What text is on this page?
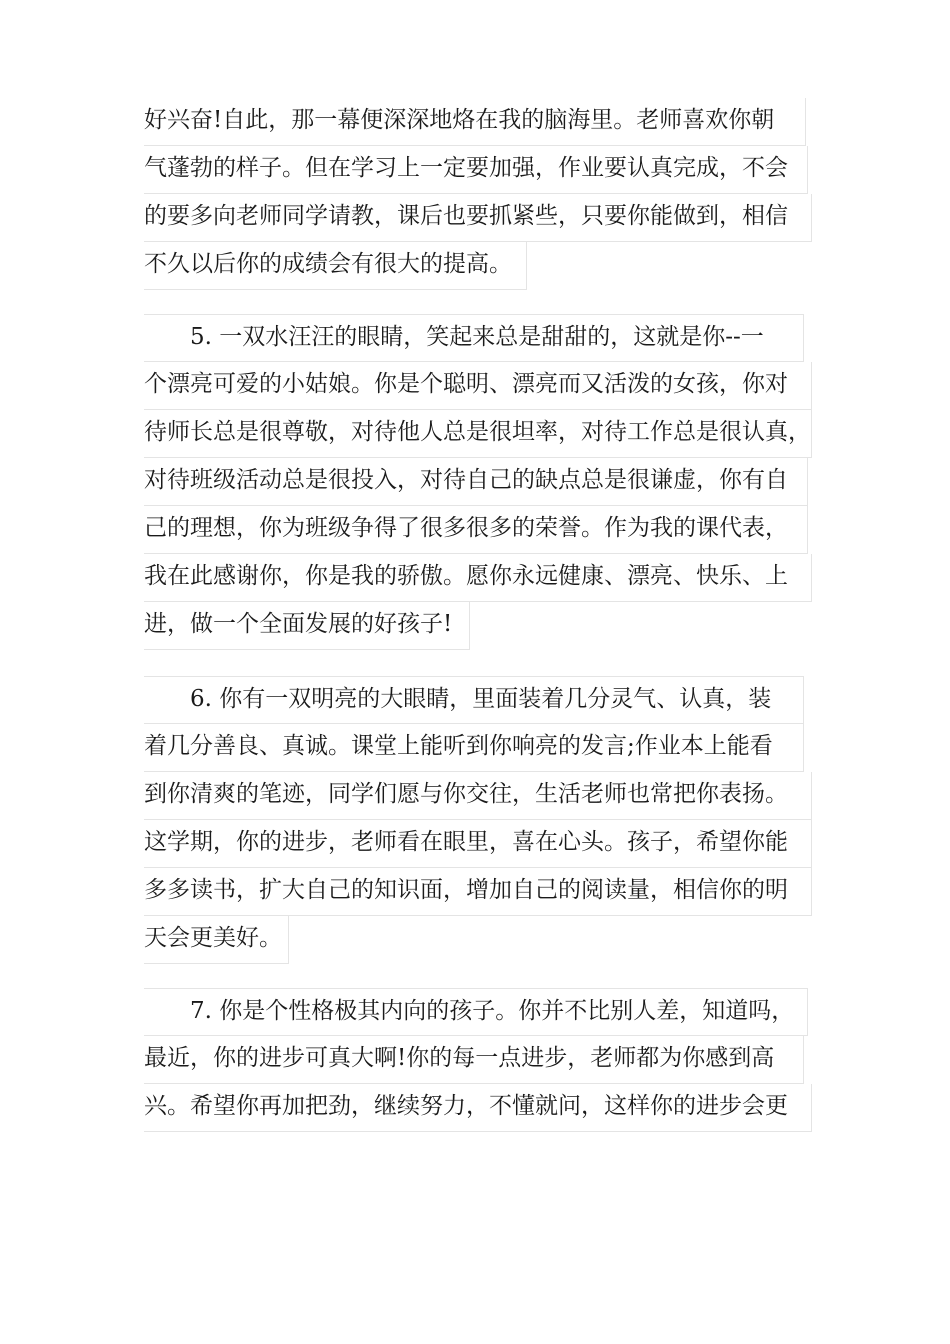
好兴奋!自此，那一幕便深深地烙在我的脑海里。老师喜欢你朝
气蓬勃的样子。但在学习上一定要加强，作业要认真完成，不会
的要多向老师同学请教，课后也要抓紧些，只要你能做到，相信
不久以后你的成绩会有很大的提高。
5. 一双水汪汪的眼睛，笑起来总是甜甜的，这就是你--一
个漂亮可爱的小姑娘。你是个聪明、漂亮而又活泼的女孩，你对
待师长总是很尊敬，对待他人总是很坦率，对待工作总是很认真，
对待班级活动总是很投入，对待自己的缺点总是很谦虚，你有自
己的理想，你为班级争得了很多很多的荣誉。作为我的课代表，
我在此感谢你，你是我的骄傲。愿你永远健康、漂亮、快乐、上
进，做一个全面发展的好孩子!
6. 你有一双明亮的大眼睛，里面装着几分灵气、认真，装
着几分善良、真诚。课堂上能听到你响亮的发言;作业本上能看
到你清爽的笔迹，同学们愿与你交往，生活老师也常把你表扬。
这学期，你的进步，老师看在眼里，喜在心头。孩子，希望你能
多多读书，扩大自己的知识面，增加自己的阅读量，相信你的明
天会更美好。
7. 你是个性格极其内向的孩子。你并不比别人差，知道吗，
最近，你的进步可真大啊!你的每一点进步，老师都为你感到高
兴。希望你再加把劲，继续努力，不懂就问，这样你的进步会更
